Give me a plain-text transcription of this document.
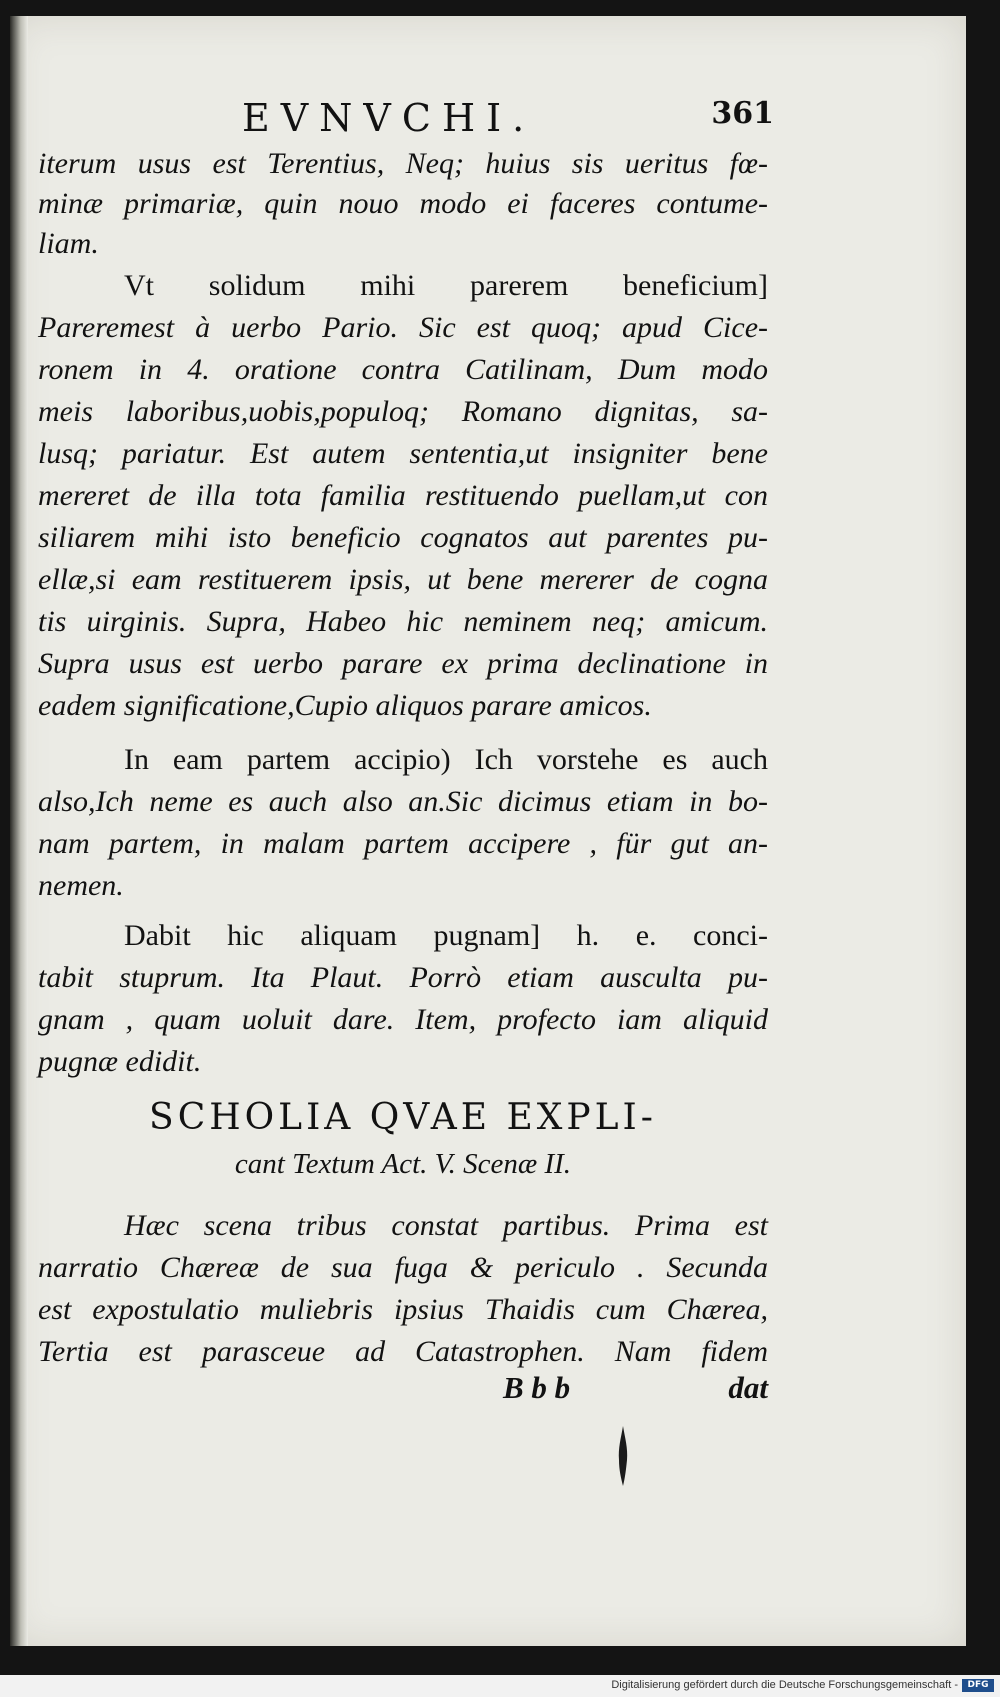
EVNVCHI.	361
iterum usus est Terentius, Neq; huius sis ueritus fœ-
minæ primariæ, quin nouo modo ei faceres contume-
liam.
Vt solidum mihi parerem beneficium]
Pareremest à uerbo Pario. Sic est quoq; apud Cice-
ronem in 4. oratione contra Catilinam, Dum modo
meis laboribus,uobis,populoq; Romano dignitas, sa-
lusq; pariatur. Est autem sententia,ut insigniter bene
mereret de illa tota familia restituendo puellam,ut con
siliarem mihi isto beneficio cognatos aut parentes pu-
ellæ,si eam restituerem ipsis, ut bene mererer de cogna
tis uirginis. Supra, Habeo hic neminem neq; amicum.
Supra usus est uerbo parare ex prima declinatione in
eadem significatione,Cupio aliquos parare amicos.
In eam partem accipio) Ich vorstehe es auch
also,Ich neme es auch also an.Sic dicimus etiam in bo-
nam partem, in malam partem accipere , für gut an-
nemen.
Dabit hic aliquam pugnam] h. e. conci-
tabit stuprum. Ita Plaut. Porrò etiam ausculta pu-
gnam , quam uoluit dare. Item, profecto iam aliquid
pugnæ edidit.
SCHOLIA QVAE EXPLI-
cant Textum Act. V. Scenæ II.
Hæc scena tribus constat partibus. Prima est
narratio Chæreæ de sua fuga & periculo . Secunda
est expostulatio muliebris ipsius Thaidis cum Chærea,
Tertia est parasceue ad Catastrophen. Nam fidem
B b b	dat
Digitalisierung gefördert durch die Deutsche Forschungsgemeinschaft -	DFG
